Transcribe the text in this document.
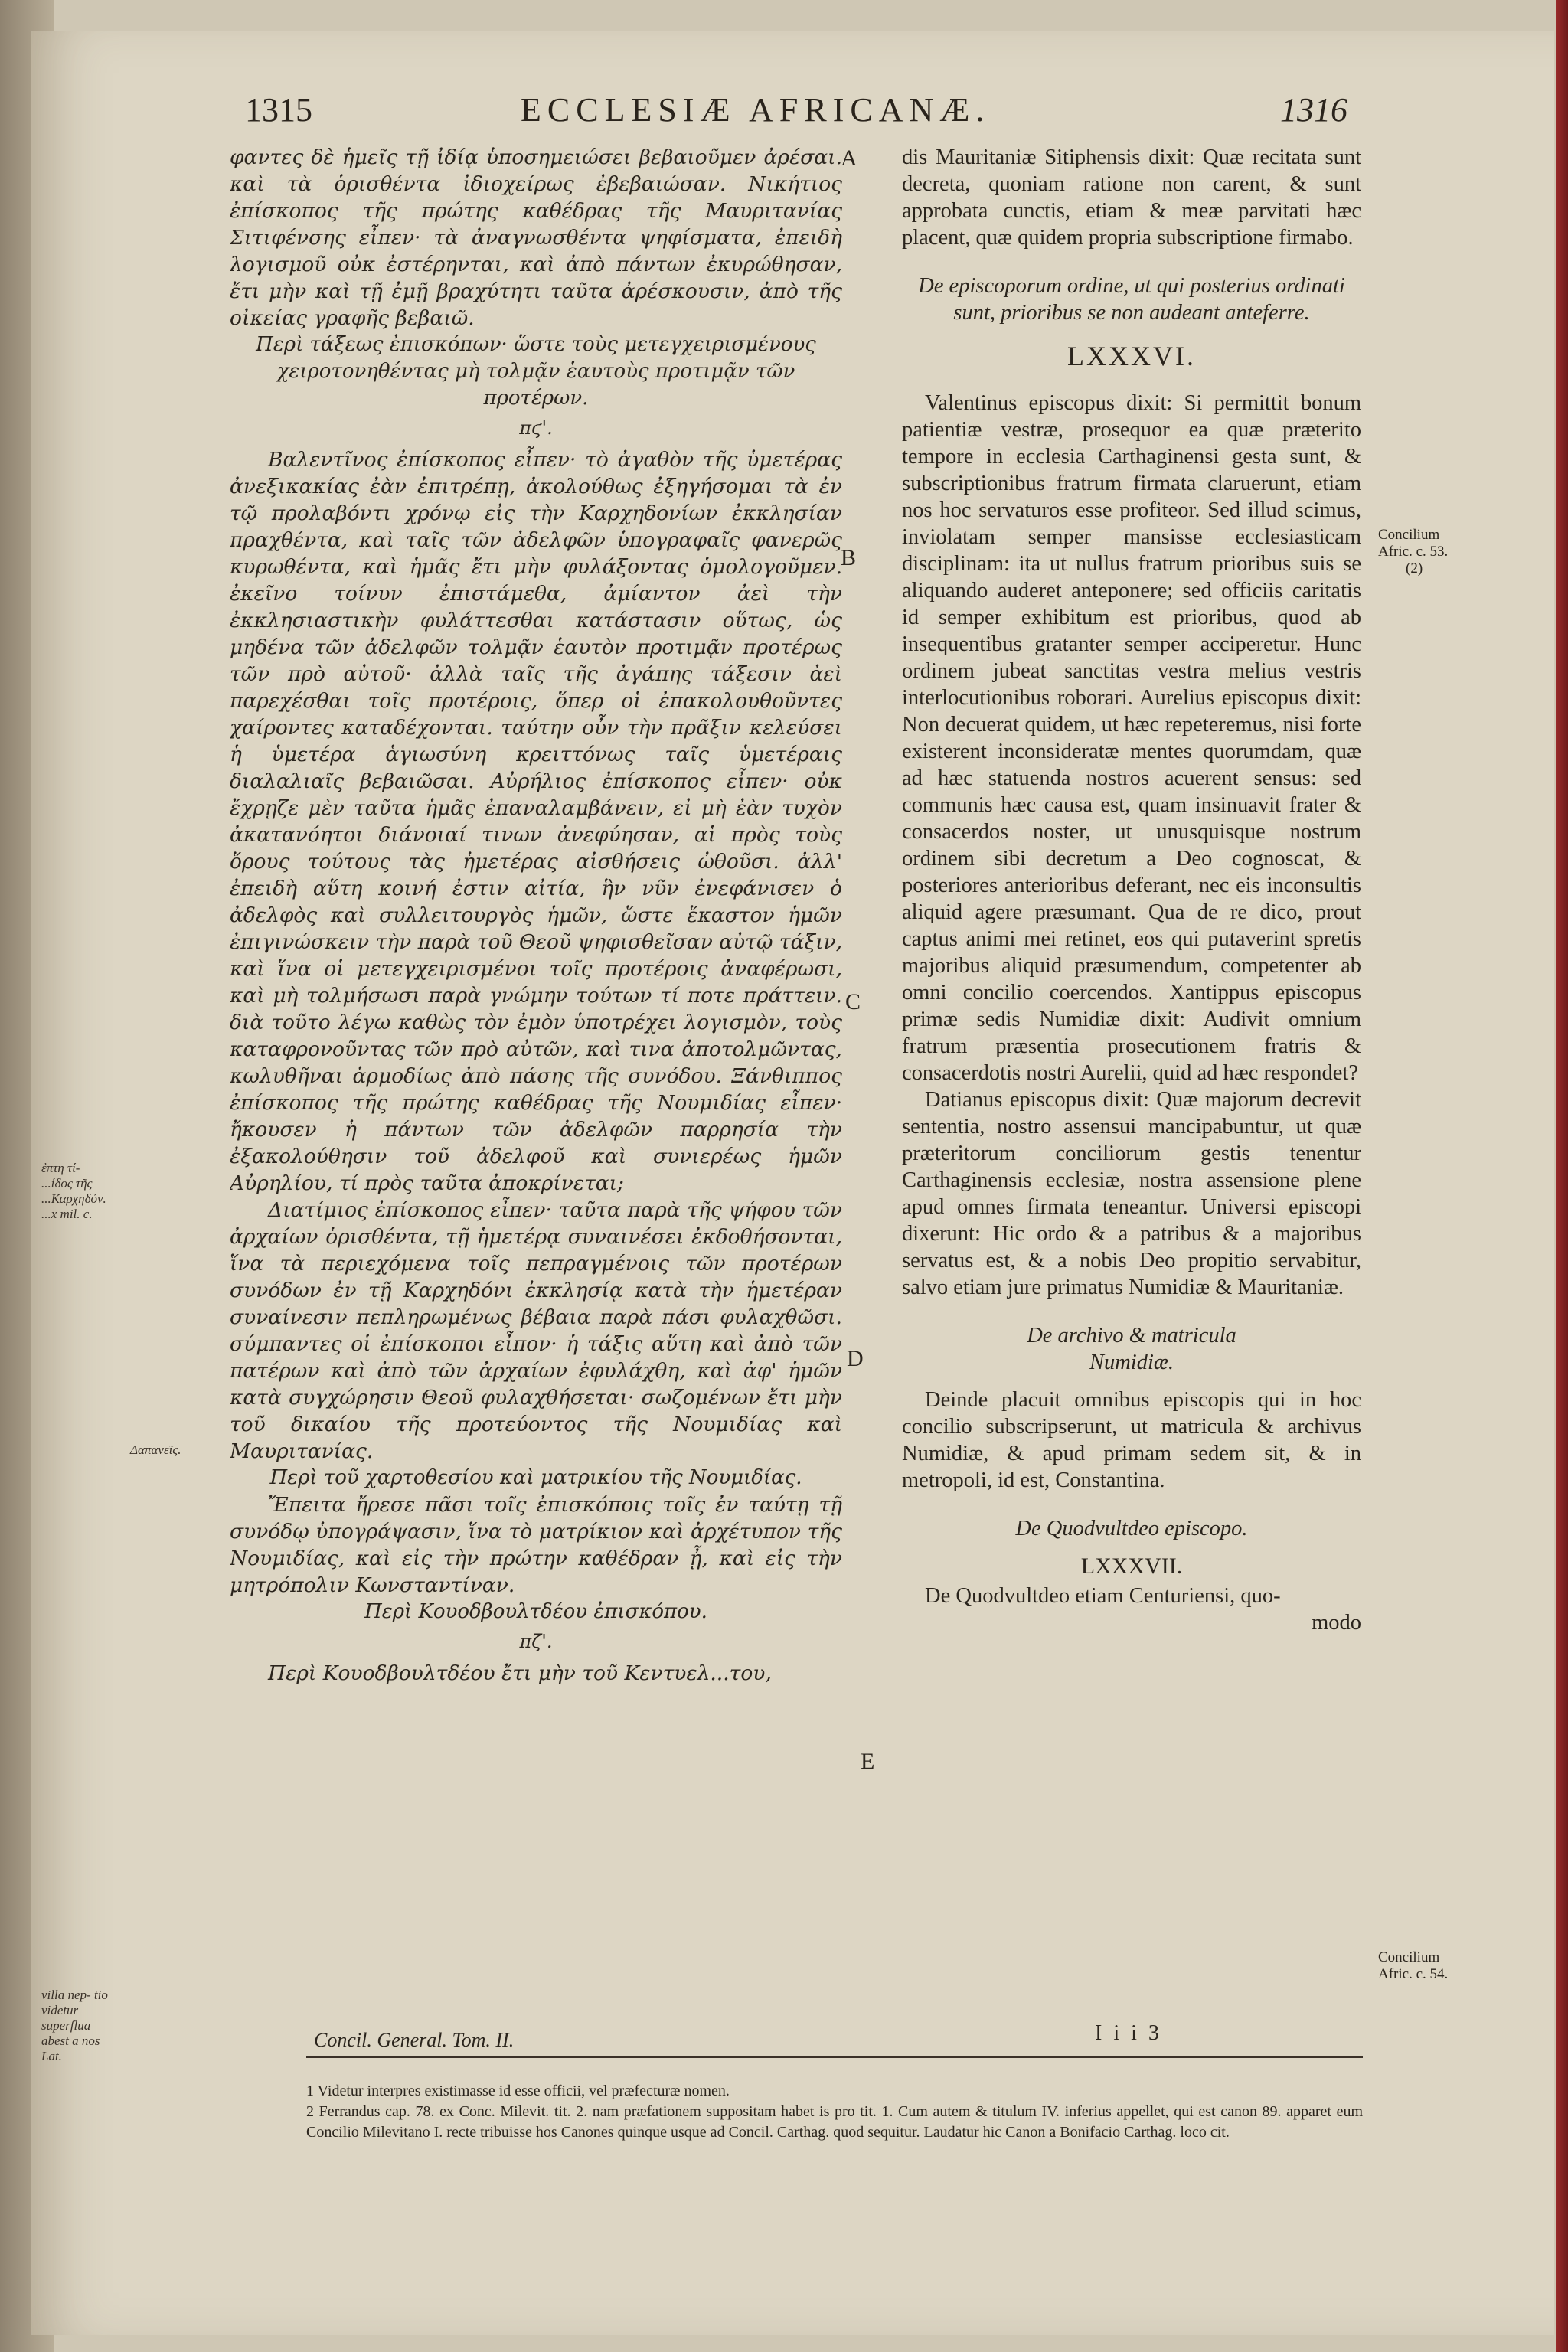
1315	ECCLESIÆ AFRICANÆ.	1316

φαντες δὲ ἡμεῖς τῇ ἰδίᾳ ὑποσημειώσει βεβαιοῦμεν ἀρέσαι. καὶ τὰ ὁρισθέντα ἰδιοχείρως ἐβεβαιώσαν. Νικήτιος ἐπίσκοπος τῆς πρώτης καθέδρας τῆς Μαυριτανίας Σιτιφένσης εἶπεν· τὰ ἀναγνωσθέντα ψηφίσματα, ἐπειδὴ λογισμοῦ οὐκ ἐστέρηνται, καὶ ἀπὸ πάντων ἐκυρώθησαν, ἔτι μὴν καὶ τῇ ἐμῇ βραχύτητι ταῦτα ἀρέσκουσιν, ἀπὸ τῆς οἰκείας γραφῆς βεβαιῶ.

Περὶ τάξεως ἐπισκόπων· ὥστε τοὺς μετεγχειρισμένους χειροτονηθέντας μὴ τολμᾷν ἑαυτοὺς προτιμᾷν τῶν προτέρων.

πϛ'.

Βαλεντῖνος ἐπίσκοπος εἶπεν· τὸ ἀγαθὸν τῆς ὑμετέρας ἀνεξικακίας ἐὰν ἐπιτρέπῃ, ἀκολούθως ἐξηγήσομαι τὰ ἐν τῷ προλαβόντι χρόνῳ εἰς τὴν Καρχηδονίων ἐκκλησίαν πραχθέντα, καὶ ταῖς τῶν ἀδελφῶν ὑπογραφαῖς φανερῶς κυρωθέντα, καὶ ἡμᾶς ἔτι μὴν φυλάξοντας ὁμολογοῦμεν. ἐκεῖνο τοίνυν ἐπιστάμεθα, ἀμίαντον ἀεὶ τὴν ἐκκλησιαστικὴν φυλάττεσθαι κατάστασιν οὕτως, ὡς μηδένα τῶν ἀδελφῶν τολμᾷν ἑαυτὸν προτιμᾷν προτέρως τῶν πρὸ αὐτοῦ· ἀλλὰ ταῖς τῆς ἀγάπης τάξεσιν ἀεὶ παρεχέσθαι τοῖς προτέροις, ὅπερ οἱ ἐπακολουθοῦντες χαίροντες καταδέχονται. ταύτην οὖν τὴν πρᾶξιν κελεύσει ἡ ὑμετέρα ἁγιωσύνη κρειττόνως ταῖς ὑμετέραις διαλαλιαῖς βεβαιῶσαι. Αὐρήλιος ἐπίσκοπος εἶπεν· οὐκ ἔχρῃζε μὲν ταῦτα ἡμᾶς ἐπαναλαμβάνειν, εἰ μὴ ἐὰν τυχὸν ἀκατανόητοι διάνοιαί τινων ἀνεφύησαν, αἱ πρὸς τοὺς ὅρους τούτους τὰς ἡμετέρας αἰσθήσεις ὠθοῦσι. ἀλλ' ἐπειδὴ αὕτη κοινή ἐστιν αἰτία, ἣν νῦν ἐνεφάνισεν ὁ ἀδελφὸς καὶ συλλειτουργὸς ἡμῶν, ὥστε ἕκαστον ἡμῶν ἐπιγινώσκειν τὴν παρὰ τοῦ Θεοῦ ψηφισθεῖσαν αὐτῷ τάξιν, καὶ ἵνα οἱ μετεγχειρισμένοι τοῖς προτέροις ἀναφέρωσι, καὶ μὴ τολμήσωσι παρὰ γνώμην τούτων τί ποτε πράττειν. διὰ τοῦτο λέγω καθὼς τὸν ἐμὸν ὑποτρέχει λογισμὸν, τοὺς καταφρονοῦντας τῶν πρὸ αὐτῶν, καὶ τινα ἀποτολμῶντας, κωλυθῆναι ἁρμοδίως ἀπὸ πάσης τῆς συνόδου. Ξάνθιππος ἐπίσκοπος τῆς πρώτης καθέδρας τῆς Νουμιδίας εἶπεν· ἤκουσεν ἡ πάντων τῶν ἀδελφῶν παρρησία τὴν ἐξακολούθησιν τοῦ ἀδελφοῦ καὶ συνιερέως ἡμῶν Αὐρηλίου, τί πρὸς ταῦτα ἀποκρίνεται;

Διατίμιος ἐπίσκοπος εἶπεν· ταῦτα παρὰ τῆς ψήφου τῶν ἀρχαίων ὁρισθέντα, τῇ ἡμετέρᾳ συναινέσει ἐκδοθήσονται, ἵνα τὰ περιεχόμενα τοῖς πεπραγμένοις τῶν προτέρων συνόδων ἐν τῇ Καρχηδόνι ἐκκλησίᾳ κατὰ τὴν ἡμετέραν συναίνεσιν πεπληρωμένως βέβαια παρὰ πάσι φυλαχθῶσι. σύμπαντες οἱ ἐπίσκοποι εἶπον· ἡ τάξις αὕτη καὶ ἀπὸ τῶν πατέρων καὶ ἀπὸ τῶν ἀρχαίων ἐφυλάχθη, καὶ ἀφ' ἡμῶν κατὰ συγχώρησιν Θεοῦ φυλαχθήσεται· σωζομένων ἔτι μὴν τοῦ δικαίου τῆς προτεύοντος τῆς Νουμιδίας καὶ Μαυριτανίας.

Περὶ τοῦ χαρτοθεσίου καὶ ματρικίου τῆς Νουμιδίας.

Ἔπειτα ἤρεσε πᾶσι τοῖς ἐπισκόποις τοῖς ἐν ταύτῃ τῇ συνόδῳ ὑπογράψασιν, ἵνα τὸ ματρίκιον καὶ ἀρχέτυπον τῆς Νουμιδίας, καὶ εἰς τὴν πρώτην καθέδραν ᾖ, καὶ εἰς τὴν μητρόπολιν Κωνσταντίναν.

Περὶ Κουοδβουλτδέου ἐπισκόπου.

πζ'.

Περὶ Κουοδβουλτδέου ἔτι μὴν τοῦ Κεντυελ...του,

A
B
C
D
E

dis Mauritaniæ Sitiphensis dixit: Quæ recitata sunt decreta, quoniam ratione non carent, & sunt approbata cunctis, etiam & meæ parvitati hæc placent, quæ quidem propria subscriptione firmabo.

De episcoporum ordine, ut qui posterius ordinati sunt, prioribus se non audeant anteferre.

LXXXVI.

Valentinus episcopus dixit: Si permittit bonum patientiæ vestræ, prosequor ea quæ præterito tempore in ecclesia Carthaginensi gesta sunt, & subscriptionibus fratrum firmata claruerunt, etiam nos hoc servaturos esse profiteor. Sed illud scimus, inviolatam semper mansisse ecclesiasticam disciplinam: ita ut nullus fratrum prioribus suis se aliquando auderet anteponere; sed officiis caritatis id semper exhibitum est prioribus, quod ab insequentibus gratanter semper acciperetur. Hunc ordinem jubeat sanctitas vestra melius vestris interlocutionibus roborari. Aurelius episcopus dixit: Non decuerat quidem, ut hæc repeteremus, nisi forte existerent inconsideratæ mentes quorumdam, quæ ad hæc statuenda nostros acuerent sensus: sed communis hæc causa est, quam insinuavit frater & consacerdos noster, ut unusquisque nostrum ordinem sibi decretum a Deo cognoscat, & posteriores anterioribus deferant, nec eis inconsultis aliquid agere præsumant. Qua de re dico, prout captus animi mei retinet, eos qui putaverint spretis majoribus aliquid præsumendum, competenter ab omni concilio coercendos. Xantippus episcopus primæ sedis Numidiæ dixit: Audivit omnium fratrum præsentia prosecutionem fratris & consacerdotis nostri Aurelii, quid ad hæc respondet?

Datianus episcopus dixit: Quæ majorum decrevit sententia, nostro assensui mancipabuntur, ut quæ præteritorum conciliorum gestis tenentur Carthaginensis ecclesiæ, nostra assensione plene apud omnes firmata teneantur. Universi episcopi dixerunt: Hic ordo & a patribus & a majoribus servatus est, & a nobis Deo propitio servabitur, salvo etiam jure primatus Numidiæ & Mauritaniæ.

De archivo & matricula

Numidiæ.

Deinde placuit omnibus episcopis qui in hoc concilio subscripserunt, ut matricula & archivus Numidiæ, & apud primam sedem sit, & in metropoli, id est, Constantina.

De Quodvultdeo episcopo.

LXXXVII.

De Quodvultdeo etiam Centuriensi, quo-

modo

Concilium
Afric. c. 53.
(2)
Concilium
Afric. c. 54.
ἐπτη τί- ...ίδος τῆς ...Καρχηδόν. ...x mil. c.
Δαπανεῖς.
villa nep- tio videtur superflua abest a nos Lat.
Concil. General. Tom. II.	I i i 3

1 Videtur interpres existimasse id esse officii, vel præfecturæ nomen.

2 Ferrandus cap. 78. ex Conc. Milevit. tit. 2. nam præfationem suppositam habet is pro tit. 1. Cum autem & titulum IV. inferius appellet, qui est canon 89. apparet eum Concilio Milevitano I. recte tribuisse hos Canones quinque usque ad Concil. Carthag. quod sequitur. Laudatur hic Canon a Bonifacio Carthag. loco cit.
